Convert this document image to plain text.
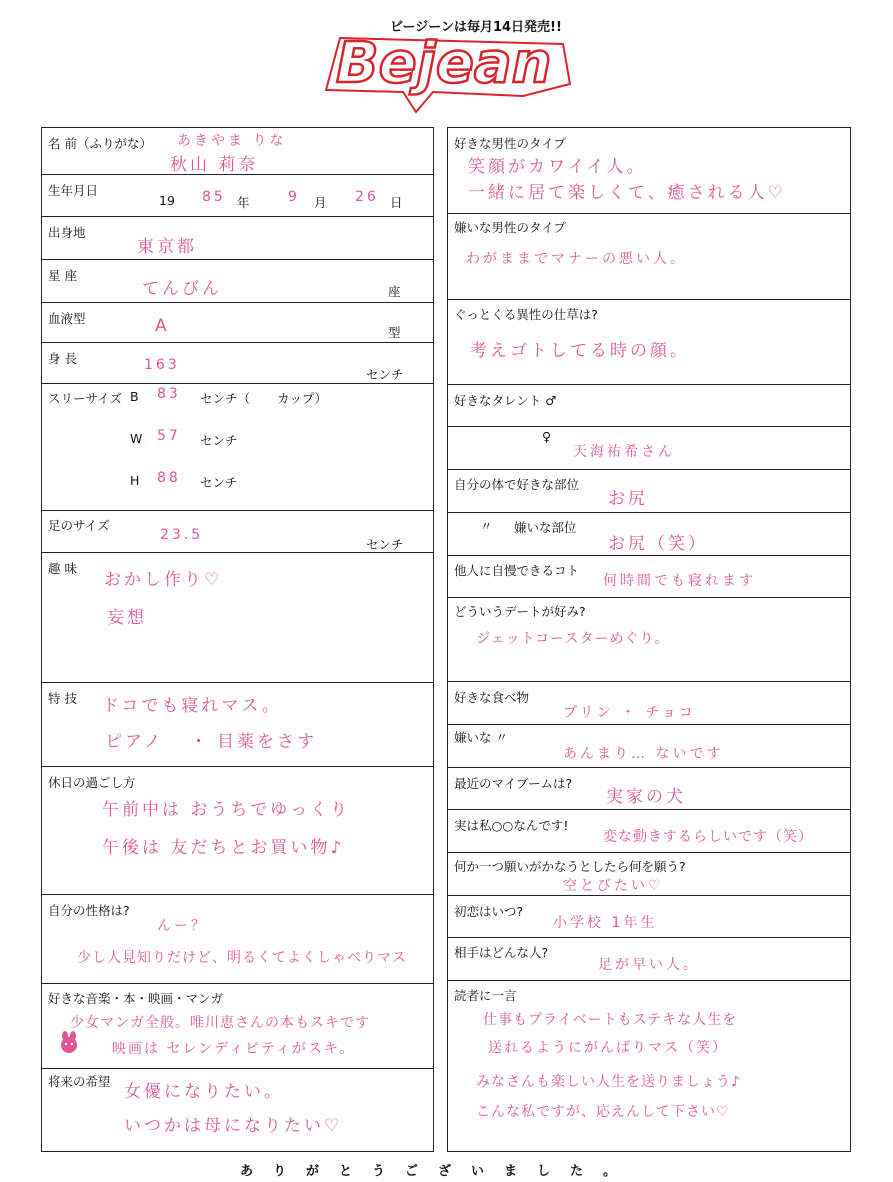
ビージーンは毎月14日発売!!
Bejean
名 前（ふりがな） あきやま りな
秋山 莉奈
生年月日
19 85 年	9 月 26 日
出身地
東京都
星 座
てんびん	座
血液型	A	型
身 長	163
センチ
スリーサイズ B 83 センチ（ カップ）
W 57 センチ
H 88 センチ
足のサイズ
23.5
センチ
趣 味
おかし作り♡
妄想
特 技 ドコでも寝れマス。
ピアノ ・ 目薬をさす
休日の過ごし方
午前中は おうちでゆっくり
午後は 友だちとお買い物♪
自分の性格は?
んー？
少し人見知りだけど、明るくてよくしゃべりマス
好きな音楽・本・映画・マンガ
少女マンガ全般。唯川恵さんの本もスキです
映画は セレンディピティがスキ。
将来の希望
女優になりたい。
いつかは母になりたい♡
好きな男性のタイプ
笑顔がカワイイ人。
一緒に居て楽しくて、癒される人♡
嫌いな男性のタイプ
わがままでマナーの悪い人。
ぐっとくる異性の仕草は?
考えゴトしてる時の顔。
好きなタレント ♂
♀
天海祐希さん
自分の体で好きな部位
お尻
〃 嫌いな部位
お尻（笑）
他人に自慢できるコト
何時間でも寝れます
どういうデートが好み?
ジェットコースターめぐり。
好きな食べ物
プリン ・ チョコ
嫌いな 〃
あんまり… ないです
最近のマイブームは?
実家の犬
実は私○○なんです!
変な動きするらしいです（笑）
何か一つ願いがかなうとしたら何を願う?
空とびたい♡
初恋はいつ?
小学校 1年生
相手はどんな人?
足が早い人。
読者に一言
仕事もプライベートもステキな人生を
送れるようにがんばりマス（笑）
みなさんも楽しい人生を送りましょう♪
こんな私ですが、応えんして下さい♡
ありがとうございました。
